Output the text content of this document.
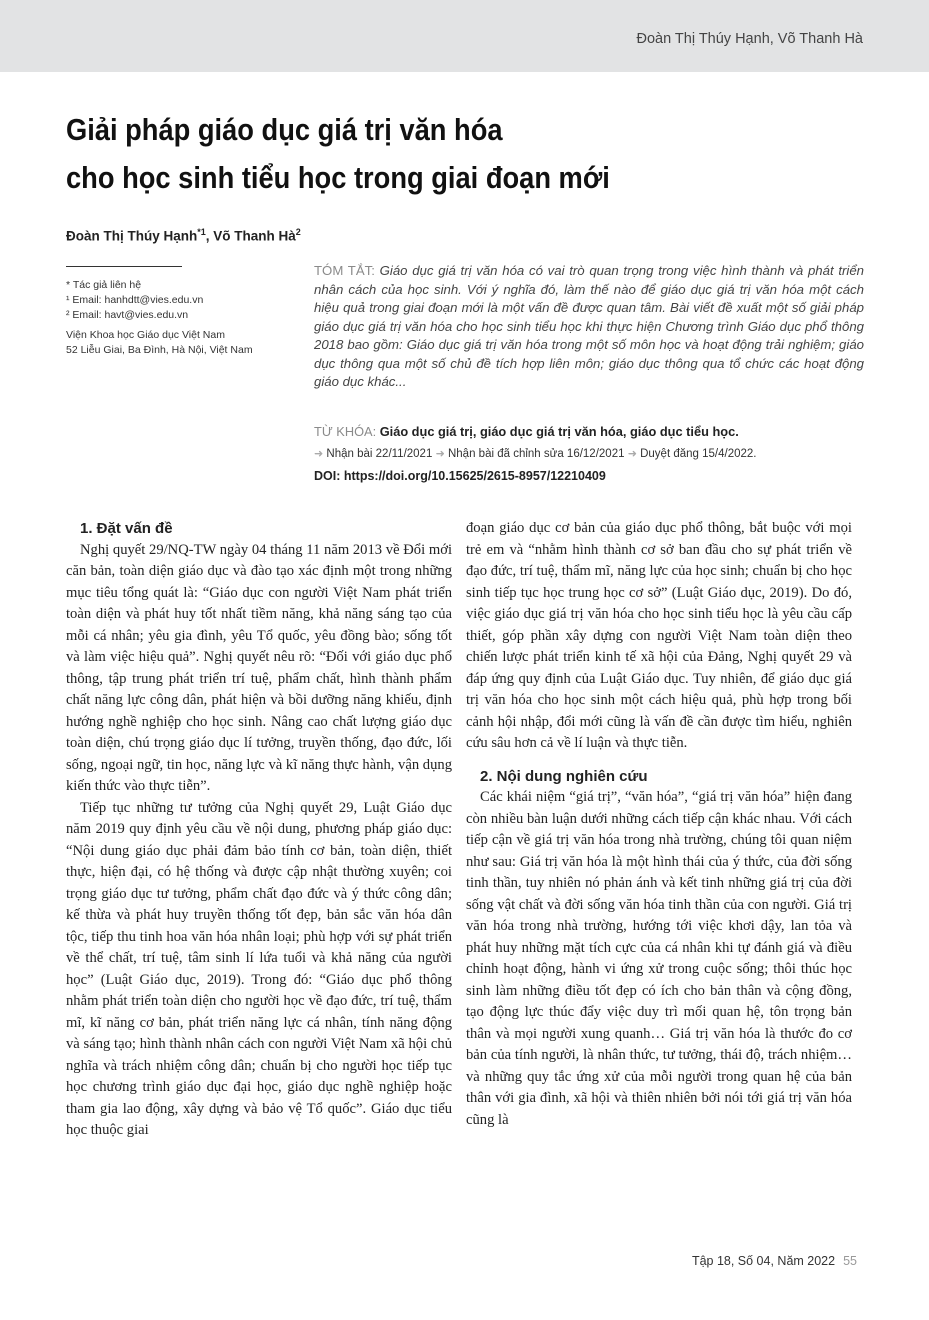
Đoàn Thị Thúy Hạnh, Võ Thanh Hà
Giải pháp giáo dục giá trị văn hóa
cho học sinh tiểu học trong giai đoạn mới
Đoàn Thị Thúy Hạnh$^{*1}$, Võ Thanh $Hà^2$
* Tác giả liên hệ
¹ Email: hanhdtt@vies.edu.vn
² Email: havt@vies.edu.vn
Viện Khoa học Giáo dục Việt Nam
52 Liễu Giai, Ba Đình, Hà Nội, Việt Nam

TÓM TẮT: Giáo dục giá trị văn hóa có vai trò quan trọng trong việc hình thành và phát triển nhân cách của học sinh. Với ý nghĩa đó, làm thế nào để giáo dục giá trị văn hóa một cách hiệu quả trong giai đoạn mới là một vấn đề được quan tâm. Bài viết đề xuất một số giải pháp giáo dục giá trị văn hóa cho học sinh tiểu học khi thực hiện Chương trình Giáo dục phổ thông 2018 bao gồm: Giáo dục giá trị văn hóa trong một số môn học và hoạt động trải nghiệm; giáo dục thông qua một số chủ đề tích hợp liên môn; giáo dục thông qua tổ chức các hoạt động giáo dục khác...

TỪ KHÓA: Giáo dục giá trị, giáo dục giá trị văn hóa, giáo dục tiểu học.
➜ Nhận bài 22/11/2021 ➜ Nhận bài đã chỉnh sửa 16/12/2021 ➜ Duyệt đăng 15/4/2022.
DOI: https://doi.org/10.15625/2615-8957/12210409
1. Đặt vấn đề

Nghị quyết 29/NQ-TW ngày 04 tháng 11 năm 2013 về Đổi mới căn bản, toàn diện giáo dục và đào tạo xác định một trong những mục tiêu tổng quát là: “Giáo dục con người Việt Nam phát triển toàn diện và phát huy tốt nhất tiềm năng, khả năng sáng tạo của mỗi cá nhân; yêu gia đình, yêu Tổ quốc, yêu đồng bào; sống tốt và làm việc hiệu quả”. Nghị quyết nêu rõ: “Đối với giáo dục phổ thông, tập trung phát triển trí tuệ, phẩm chất, hình thành phẩm chất năng lực công dân, phát hiện và bồi dưỡng năng khiếu, định hướng nghề nghiệp cho học sinh. Nâng cao chất lượng giáo dục toàn diện, chú trọng giáo dục lí tưởng, truyền thống, đạo đức, lối sống, ngoại ngữ, tin học, năng lực và kĩ năng thực hành, vận dụng kiến thức vào thực tiễn”.

Tiếp tục những tư tưởng của Nghị quyết 29, Luật Giáo dục năm 2019 quy định yêu cầu về nội dung, phương pháp giáo dục: “Nội dung giáo dục phải đảm bảo tính cơ bản, toàn diện, thiết thực, hiện đại, có hệ thống và được cập nhật thường xuyên; coi trọng giáo dục tư tưởng, phẩm chất đạo đức và ý thức công dân; kế thừa và phát huy truyền thống tốt đẹp, bản sắc văn hóa dân tộc, tiếp thu tinh hoa văn hóa nhân loại; phù hợp với sự phát triển về thể chất, trí tuệ, tâm sinh lí lứa tuổi và khả năng của người học” (Luật Giáo dục, 2019). Trong đó: “Giáo dục phổ thông nhằm phát triển toàn diện cho người học về đạo đức, trí tuệ, thẩm mĩ, kĩ năng cơ bản, phát triển năng lực cá nhân, tính năng động và sáng tạo; hình thành nhân cách con người Việt Nam xã hội chủ nghĩa và trách nhiệm công dân; chuẩn bị cho người học tiếp tục học chương trình giáo dục đại học, giáo dục nghề nghiệp hoặc tham gia lao động, xây dựng và bảo vệ Tổ quốc”. Giáo dục tiểu học thuộc giai

đoạn giáo dục cơ bản của giáo dục phổ thông, bắt buộc với mọi trẻ em và “nhằm hình thành cơ sở ban đầu cho sự phát triển về đạo đức, trí tuệ, thẩm mĩ, năng lực của học sinh; chuẩn bị cho học sinh tiếp tục học trung học cơ sở” (Luật Giáo dục, 2019). Do đó, việc giáo dục giá trị văn hóa cho học sinh tiểu học là yêu cầu cấp thiết, góp phần xây dựng con người Việt Nam toàn diện theo chiến lược phát triển kinh tế xã hội của Đảng, Nghị quyết 29 và đáp ứng quy định của Luật Giáo dục. Tuy nhiên, để giáo dục giá trị văn hóa cho học sinh một cách hiệu quả, phù hợp trong bối cảnh hội nhập, đổi mới cũng là vấn đề cần được tìm hiểu, nghiên cứu sâu hơn cả về lí luận và thực tiễn.

2. Nội dung nghiên cứu

Các khái niệm “giá trị”, “văn hóa”, “giá trị văn hóa” hiện đang còn nhiều bàn luận dưới những cách tiếp cận khác nhau. Với cách tiếp cận về giá trị văn hóa trong nhà trường, chúng tôi quan niệm như sau: Giá trị văn hóa là một hình thái của ý thức, của đời sống tinh thần, tuy nhiên nó phản ánh và kết tinh những giá trị của đời sống vật chất và đời sống văn hóa tinh thần của con người. Giá trị văn hóa trong nhà trường, hướng tới việc khơi dậy, lan tỏa và phát huy những mặt tích cực của cá nhân khi tự đánh giá và điều chỉnh hoạt động, hành vi ứng xử trong cuộc sống; thôi thúc học sinh làm những điều tốt đẹp có ích cho bản thân và cộng đồng, tạo động lực thúc đẩy việc duy trì mối quan hệ, tôn trọng bản thân và mọi người xung quanh… Giá trị văn hóa là thước đo cơ bản của tính người, là nhân thức, tư tưởng, thái độ, trách nhiệm… và những quy tắc ứng xử của mỗi người trong quan hệ của bản thân với gia đình, xã hội và thiên nhiên bởi nói tới giá trị văn hóa cũng là

Tập 18, Số 04, Năm 2022 55
